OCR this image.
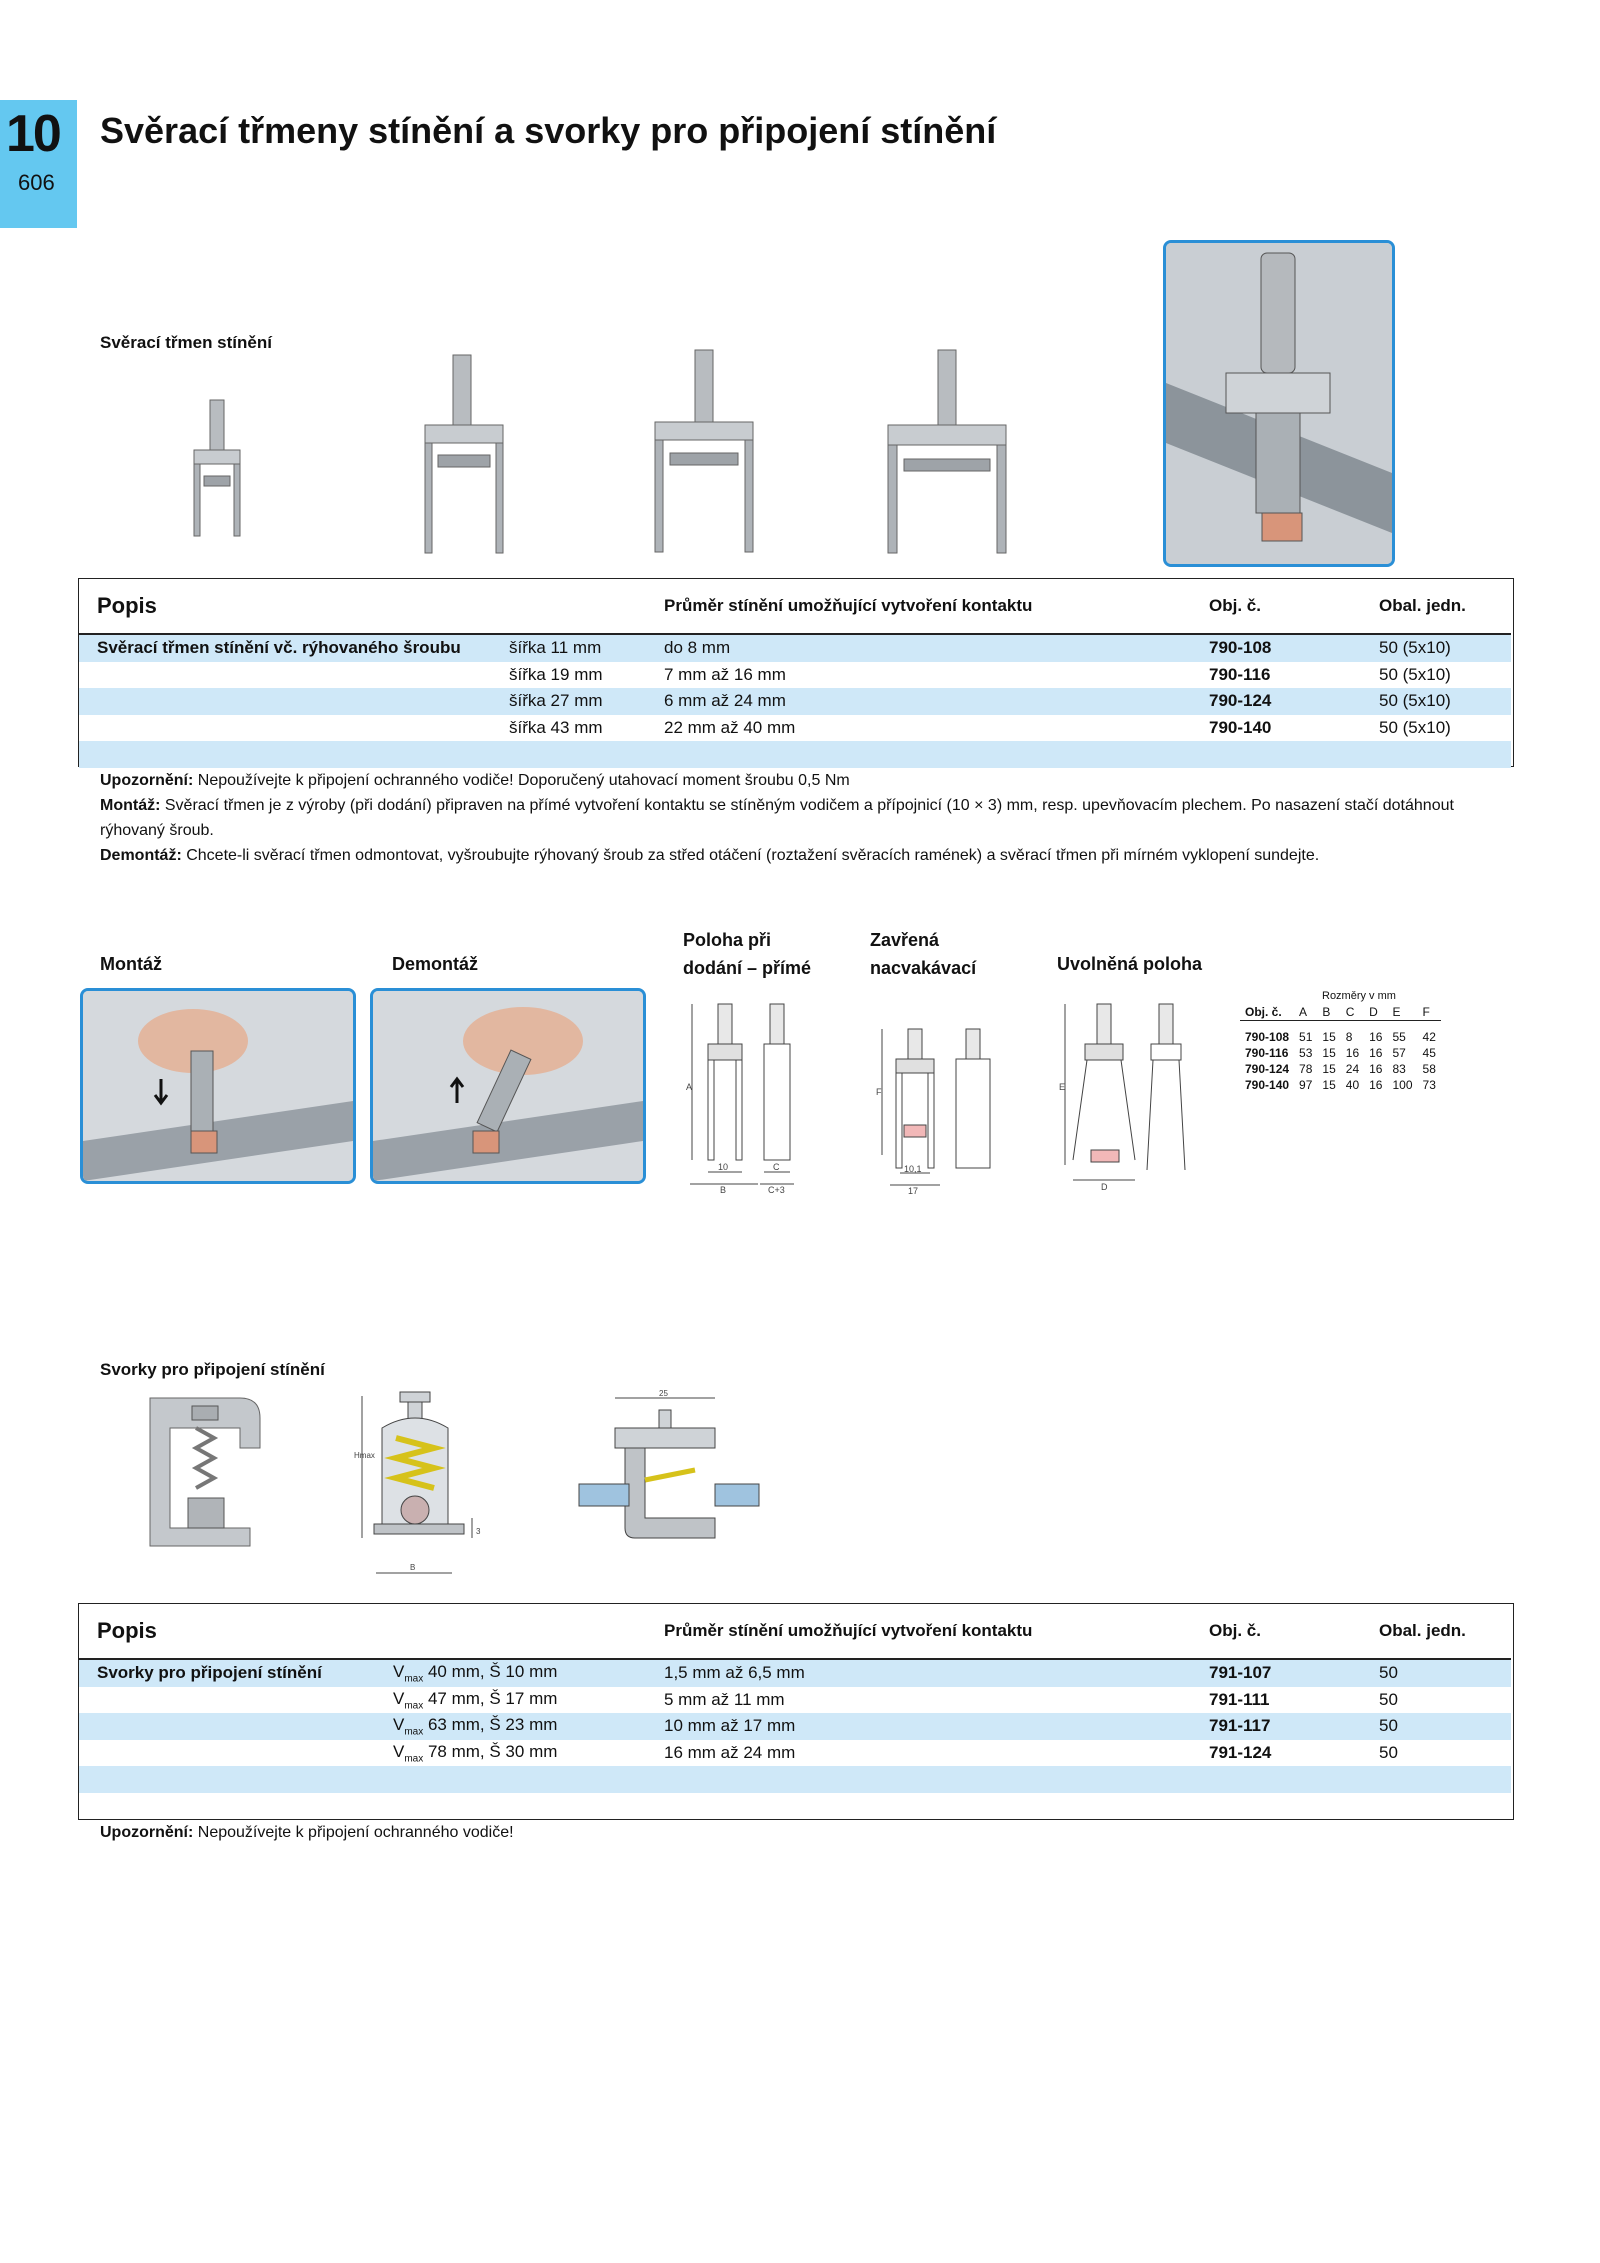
10
606
Svěrací třmeny stínění a svorky pro připojení stínění
Svěrací třmen stínění
Popis		Průměr stínění umožňující vytvoření kontaktu	Obj. č.	Obal. jedn.
Svěrací třmen stínění vč. rýhovaného šroubu	šířka 11 mm	do 8 mm	790-108	50 (5x10)
	šířka 19 mm	7 mm až 16 mm	790-116	50 (5x10)
	šířka 27 mm	6 mm až 24 mm	790-124	50 (5x10)
	šířka 43 mm	22 mm až 40 mm	790-140	50 (5x10)

Upozornění: Nepoužívejte k připojení ochranného vodiče! Doporučený utahovací moment šroubu 0,5 Nm
Montáž: Svěrací třmen je z výroby (při dodání) připraven na přímé vytvoření kontaktu se stíněným vodičem a přípojnicí (10 × 3) mm, resp. upevňovacím plechem. Po nasazení stačí dotáhnout rýhovaný šroub.
Demontáž: Chcete-li svěrací třmen odmontovat, vyšroubujte rýhovaný šroub za střed otáčení (roztažení svěracích ramének) a svěrací třmen při mírném vyklopení sundejte.
Montáž	Demontáž
Poloha při
dodání – přímé
Zavřená
nacvakávací	Uvolněná poloha
A
10
B
C
C+3
F
10,1
17
E
D
Rozměry v mm
Obj. č.	A	B	C	D	E	F

790-108	51	15	8	16	55	42
790-116	53	15	16	16	57	45
790-124	78	15	24	16	83	58
790-140	97	15	40	16	100	73
Svorky pro připojení stínění
Hmax
3
B
25
Popis		Průměr stínění umožňující vytvoření kontaktu	Obj. č.	Obal. jedn.
Svorky pro připojení stínění	$V_{max}$ 40 mm, Š 10 mm	1,5 mm až 6,5 mm	791-107	50
	$V_{max}$ 47 mm, Š 17 mm	5 mm až 11 mm	791-111	50
	$V_{max}$ 63 mm, Š 23 mm	10 mm až 17 mm	791-117	50
	$V_{max}$ 78 mm, Š 30 mm	16 mm až 24 mm	791-124	50

Upozornění: Nepoužívejte k připojení ochranného vodiče!
